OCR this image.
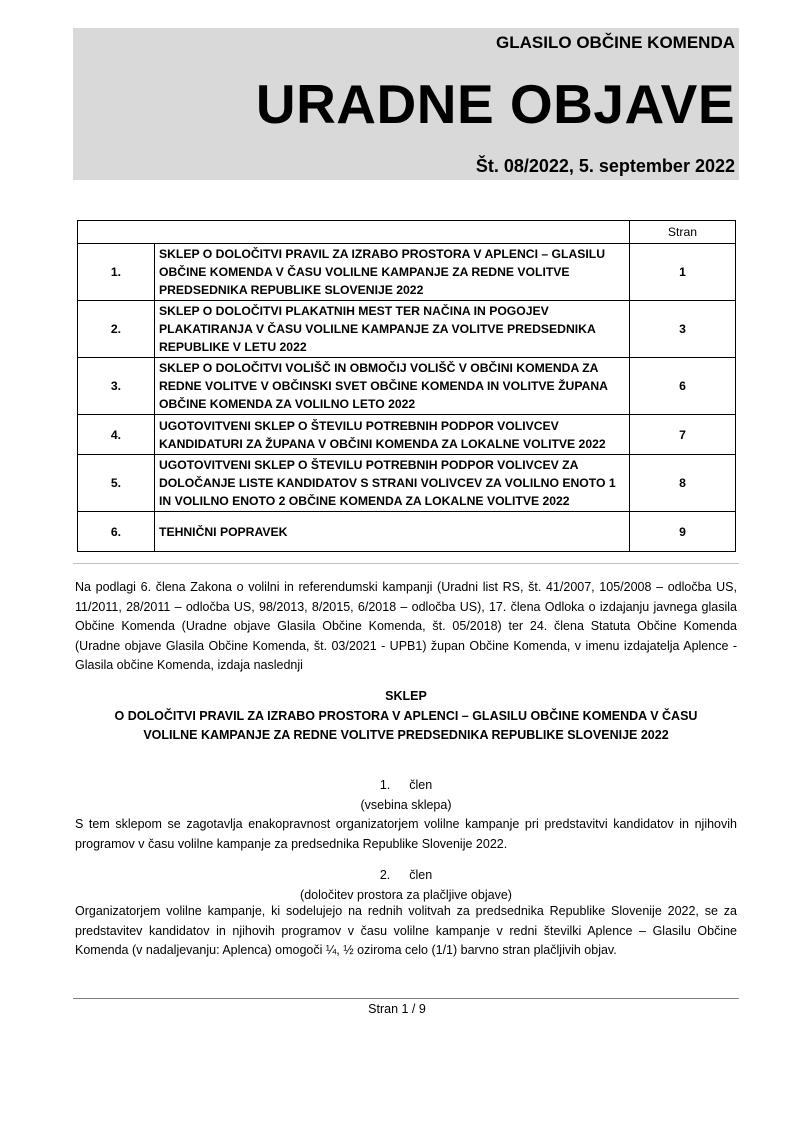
GLASILO OBČINE KOMENDA
URADNE OBJAVE
Št. 08/2022, 5. september 2022
		Stran
1.	SKLEP O DOLOČITVI PRAVIL ZA IZRABO PROSTORA V APLENCI – GLASILU OBČINE KOMENDA V ČASU VOLILNE KAMPANJE ZA REDNE VOLITVE PREDSEDNIKA REPUBLIKE SLOVENIJE 2022	1
2.	SKLEP O DOLOČITVI PLAKATNIH MEST TER NAČINA IN POGOJEV PLAKATIRANJA V ČASU VOLILNE KAMPANJE ZA VOLITVE PREDSEDNIKA REPUBLIKE V LETU 2022	3
3.	SKLEP O DOLOČITVI VOLIŠČ IN OBMOČIJ VOLIŠČ V OBČINI KOMENDA ZA REDNE VOLITVE V OBČINSKI SVET OBČINE KOMENDA IN VOLITVE ŽUPANA OBČINE KOMENDA ZA VOLILNO LETO 2022	6
4.	UGOTOVITVENI SKLEP O ŠTEVILU POTREBNIH PODPOR VOLIVCEV KANDIDATURI ZA ŽUPANA V OBČINI KOMENDA ZA LOKALNE VOLITVE 2022	7
5.	UGOTOVITVENI SKLEP O ŠTEVILU POTREBNIH PODPOR VOLIVCEV ZA DOLOČANJE LISTE KANDIDATOV S STRANI VOLIVCEV ZA VOLILNO ENOTO 1 IN VOLILNO ENOTO 2 OBČINE KOMENDA ZA LOKALNE VOLITVE 2022	8
6.	TEHNIČNI POPRAVEK	9
Na podlagi 6. člena Zakona o volilni in referendumski kampanji (Uradni list RS, št. 41/2007, 105/2008 – odločba US, 11/2011, 28/2011 – odločba US, 98/2013, 8/2015, 6/2018 – odločba US), 17. člena Odloka o izdajanju javnega glasila Občine Komenda (Uradne objave Glasila Občine Komenda, št. 05/2018) ter 24. člena Statuta Občine Komenda (Uradne objave Glasila Občine Komenda, št. 03/2021 - UPB1) župan Občine Komenda, v imenu izdajatelja Aplence - Glasila občine Komenda, izdaja naslednji
SKLEP
O DOLOČITVI PRAVIL ZA IZRABO PROSTORA V APLENCI – GLASILU OBČINE KOMENDA V ČASU
VOLILNE KAMPANJE ZA REDNE VOLITVE PREDSEDNIKA REPUBLIKE SLOVENIJE 2022
1. člen
(vsebina sklepa)
S tem sklepom se zagotavlja enakopravnost organizatorjem volilne kampanje pri predstavitvi kandidatov in njihovih programov v času volilne kampanje za predsednika Republike Slovenije 2022.
2. člen
(določitev prostora za plačljive objave)
Organizatorjem volilne kampanje, ki sodelujejo na rednih volitvah za predsednika Republike Slovenije 2022, se za predstavitev kandidatov in njihovih programov v času volilne kampanje v redni številki Aplence – Glasilu Občine Komenda (v nadaljevanju: Aplenca) omogoči ¼, ½ oziroma celo (1/1) barvno stran plačljivih objav.
Stran 1 / 9
